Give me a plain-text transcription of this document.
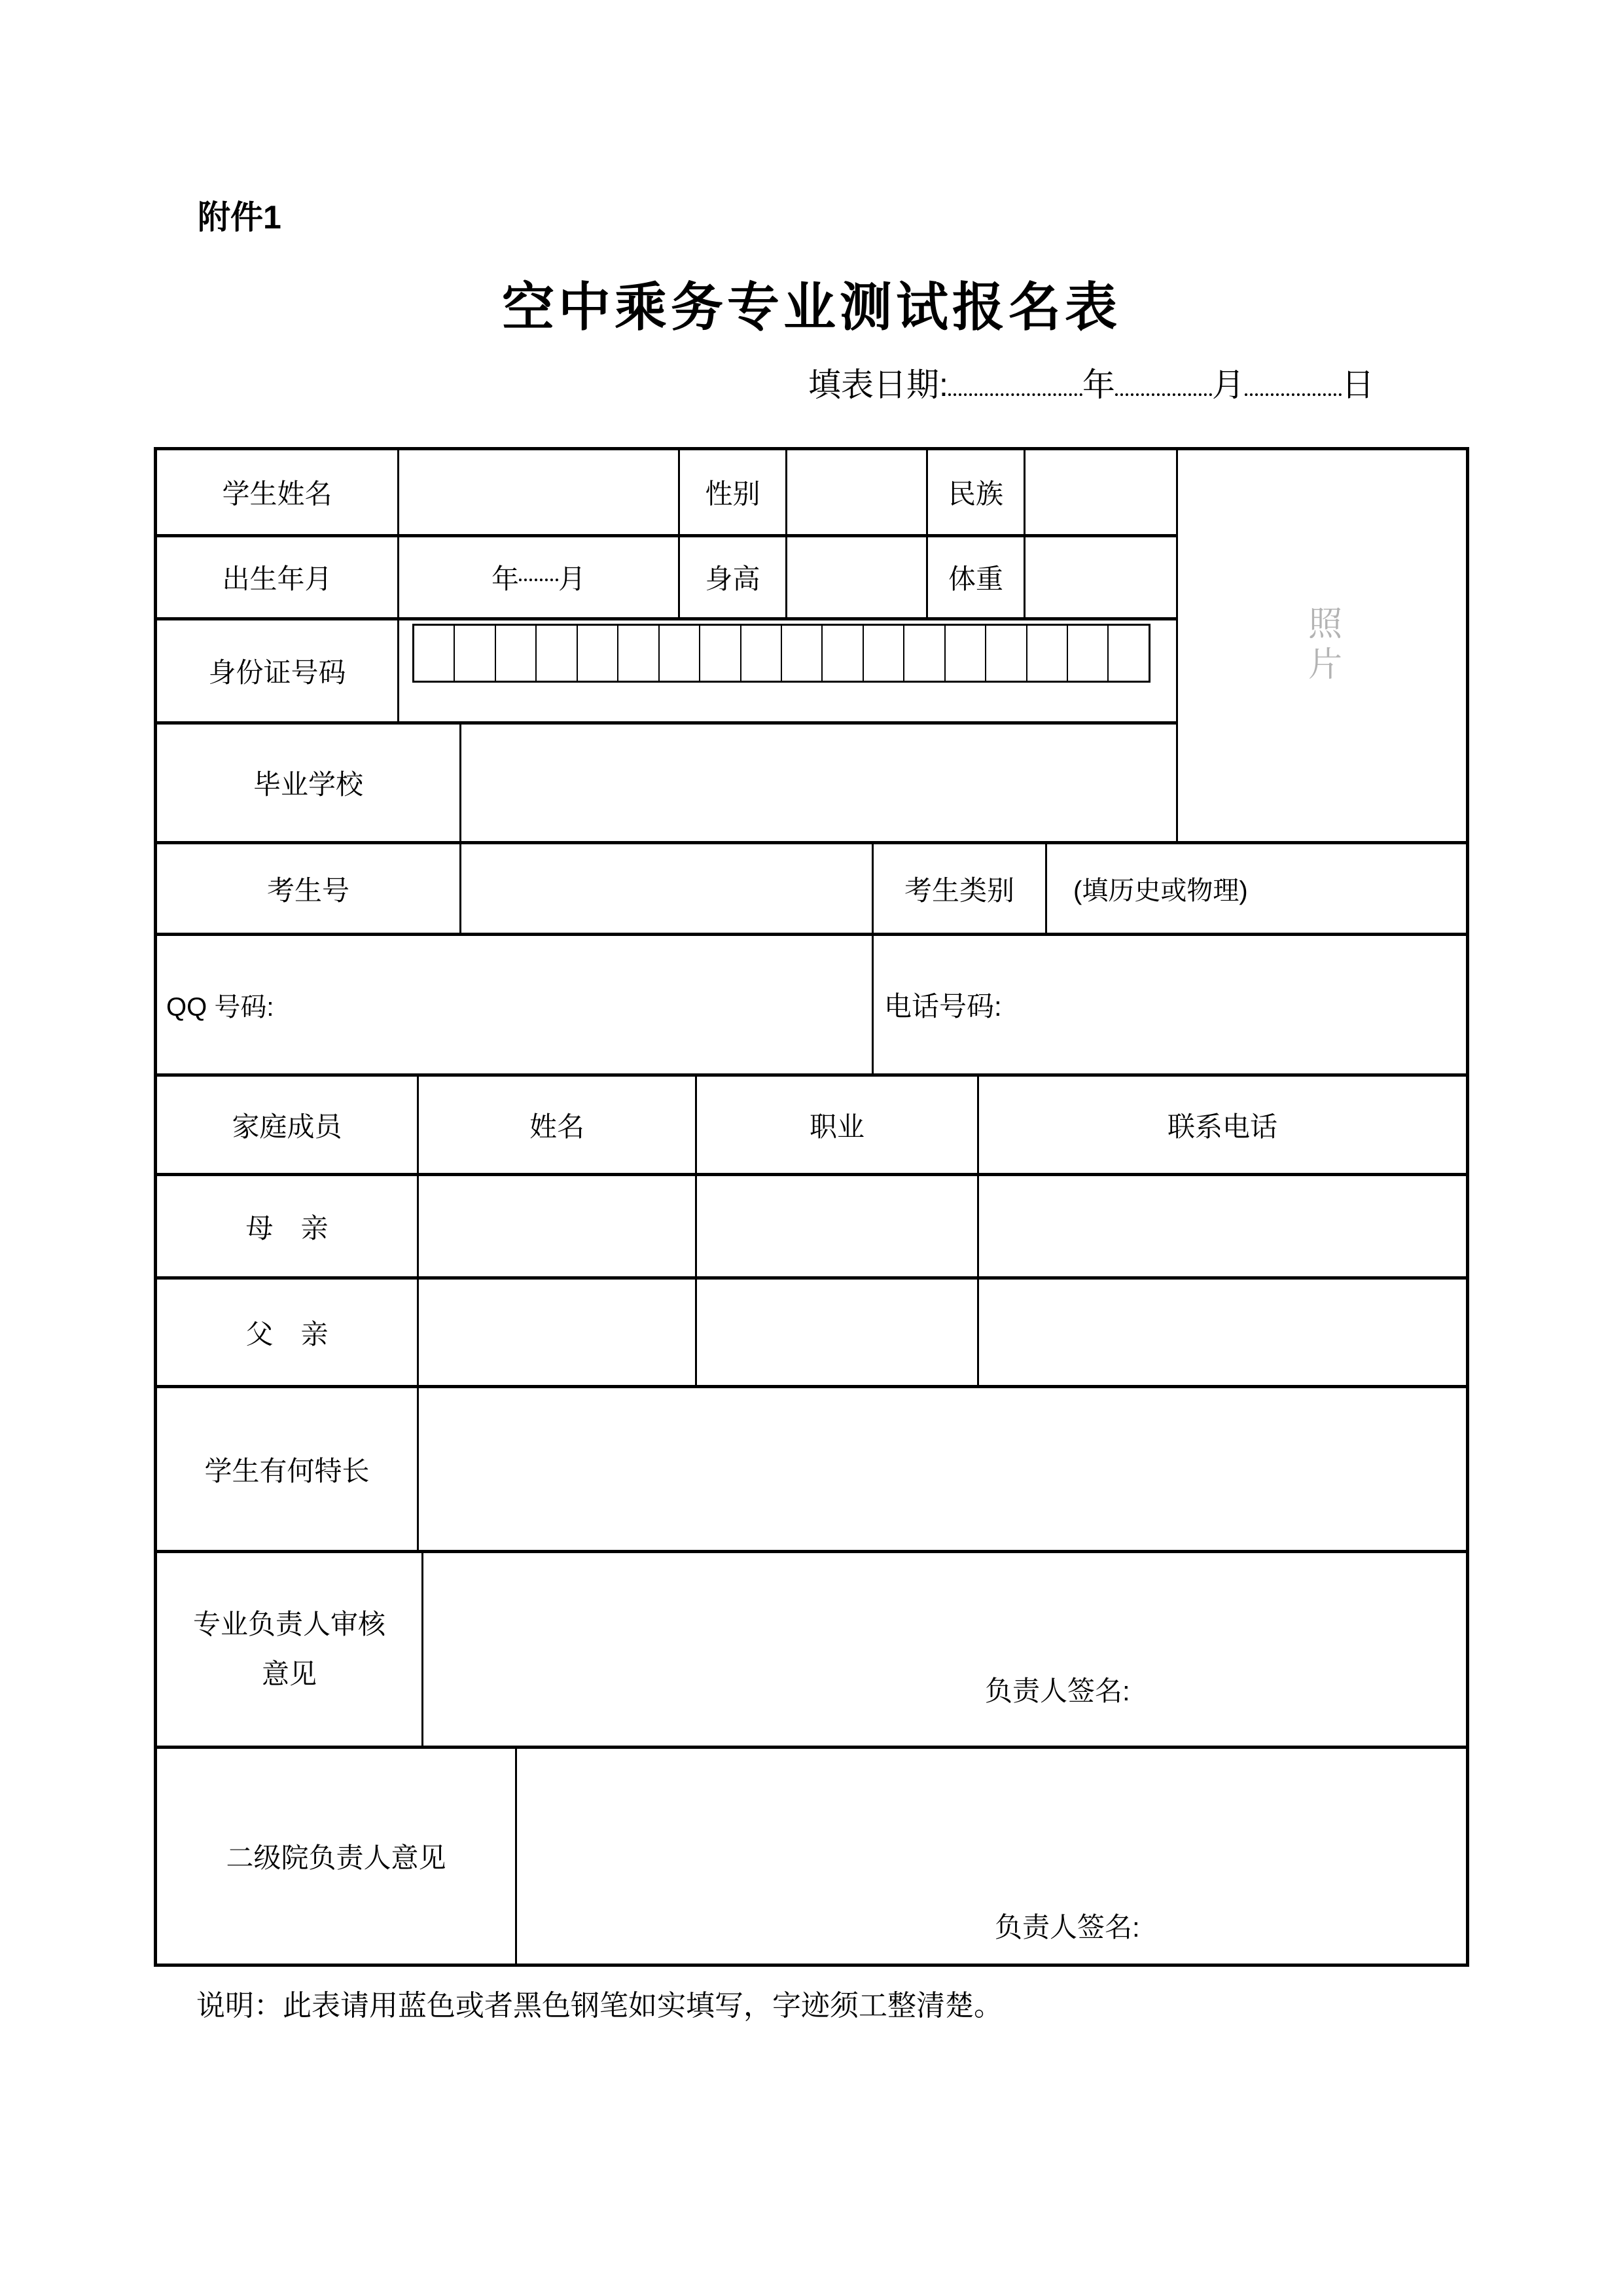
附件1
空中乘务专业测试报名表
填表日期:	年	月	日
学生姓名	性别	民族
出生年月	年 月	身高	体重
身份证号码
毕业学校
照片
考生号	考生类别	(填历史或物理)
QQ 号码:	电话号码:
家庭成员	姓名	职业	联系电话
母　亲
父　亲
学生有何特长
专业负责人审核
意见
负责人签名:
二级院负责人意见
负责人签名:
说明：此表请用蓝色或者黑色钢笔如实填写，字迹须工整清楚。
